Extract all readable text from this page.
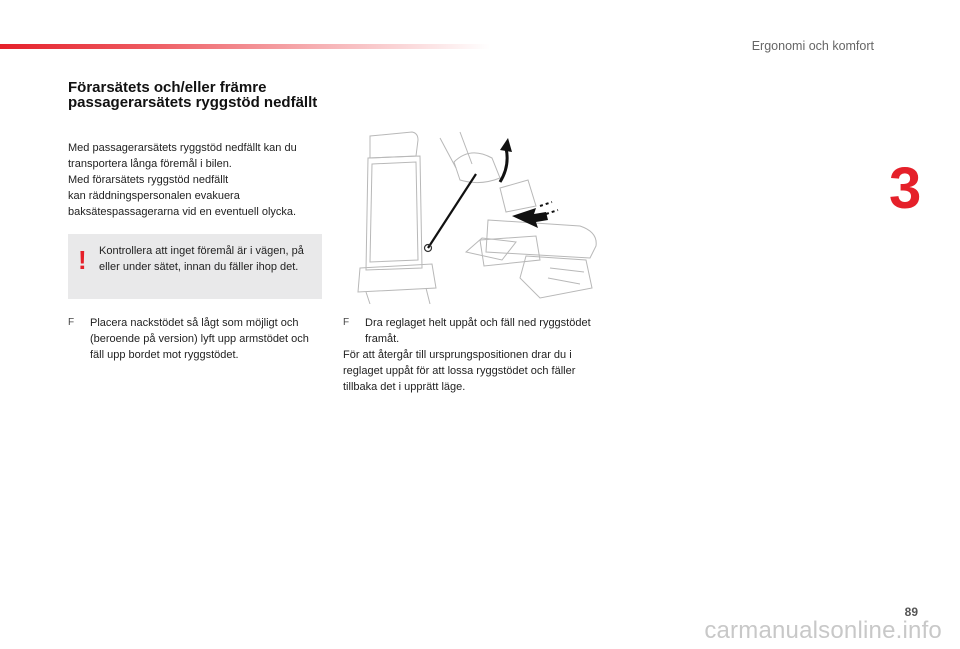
Ergonomi och komfort
3
Förarsätets och/eller främre passagerarsätets ryggstöd nedfällt

Med passagerarsätets ryggstöd nedfällt kan du
transportera långa föremål i bilen.
Med förarsätets ryggstöd nedfällt
kan räddningspersonalen evakuera
baksätespassagerarna vid en eventuell olycka.

! Kontrollera att inget föremål är i vägen, på eller under sätet, innan du fäller ihop det.
F	Placera nackstödet så lågt som möjligt och (beroende på version) lyft upp armstödet och fäll upp bordet mot ryggstödet.
F	Dra reglaget helt uppåt och fäll ned ryggstödet framåt.

För att återgår till ursprungspositionen drar du i reglaget uppåt för att lossa ryggstödet och fäller tillbaka det i upprätt läge.

89
carmanualsonline.info
